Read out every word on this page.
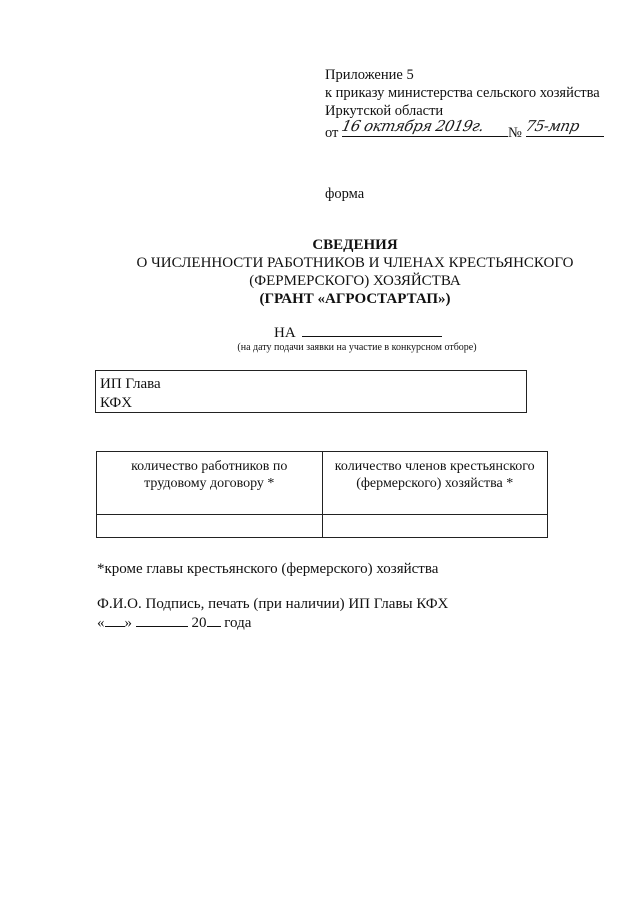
Приложение 5
к приказу министерства сельского хозяйства
Иркутской области
от 16 октября 2019г.	№ 75-мпр
форма
СВЕДЕНИЯ
О ЧИСЛЕННОСТИ РАБОТНИКОВ И ЧЛЕНАХ КРЕСТЬЯНСКОГО
(ФЕРМЕРСКОГО) ХОЗЯЙСТВА
(ГРАНТ «АГРОСТАРТАП»)
НА
(на дату подачи заявки на участие в конкурсном отборе)
ИП Глава
КФХ
количество работников по трудовому договору *	количество членов крестьянского (фермерского) хозяйства *

*кроме главы крестьянского (фермерского) хозяйства
Ф.И.О. Подпись, печать (при наличии) ИП Главы КФХ
« »	20 года
